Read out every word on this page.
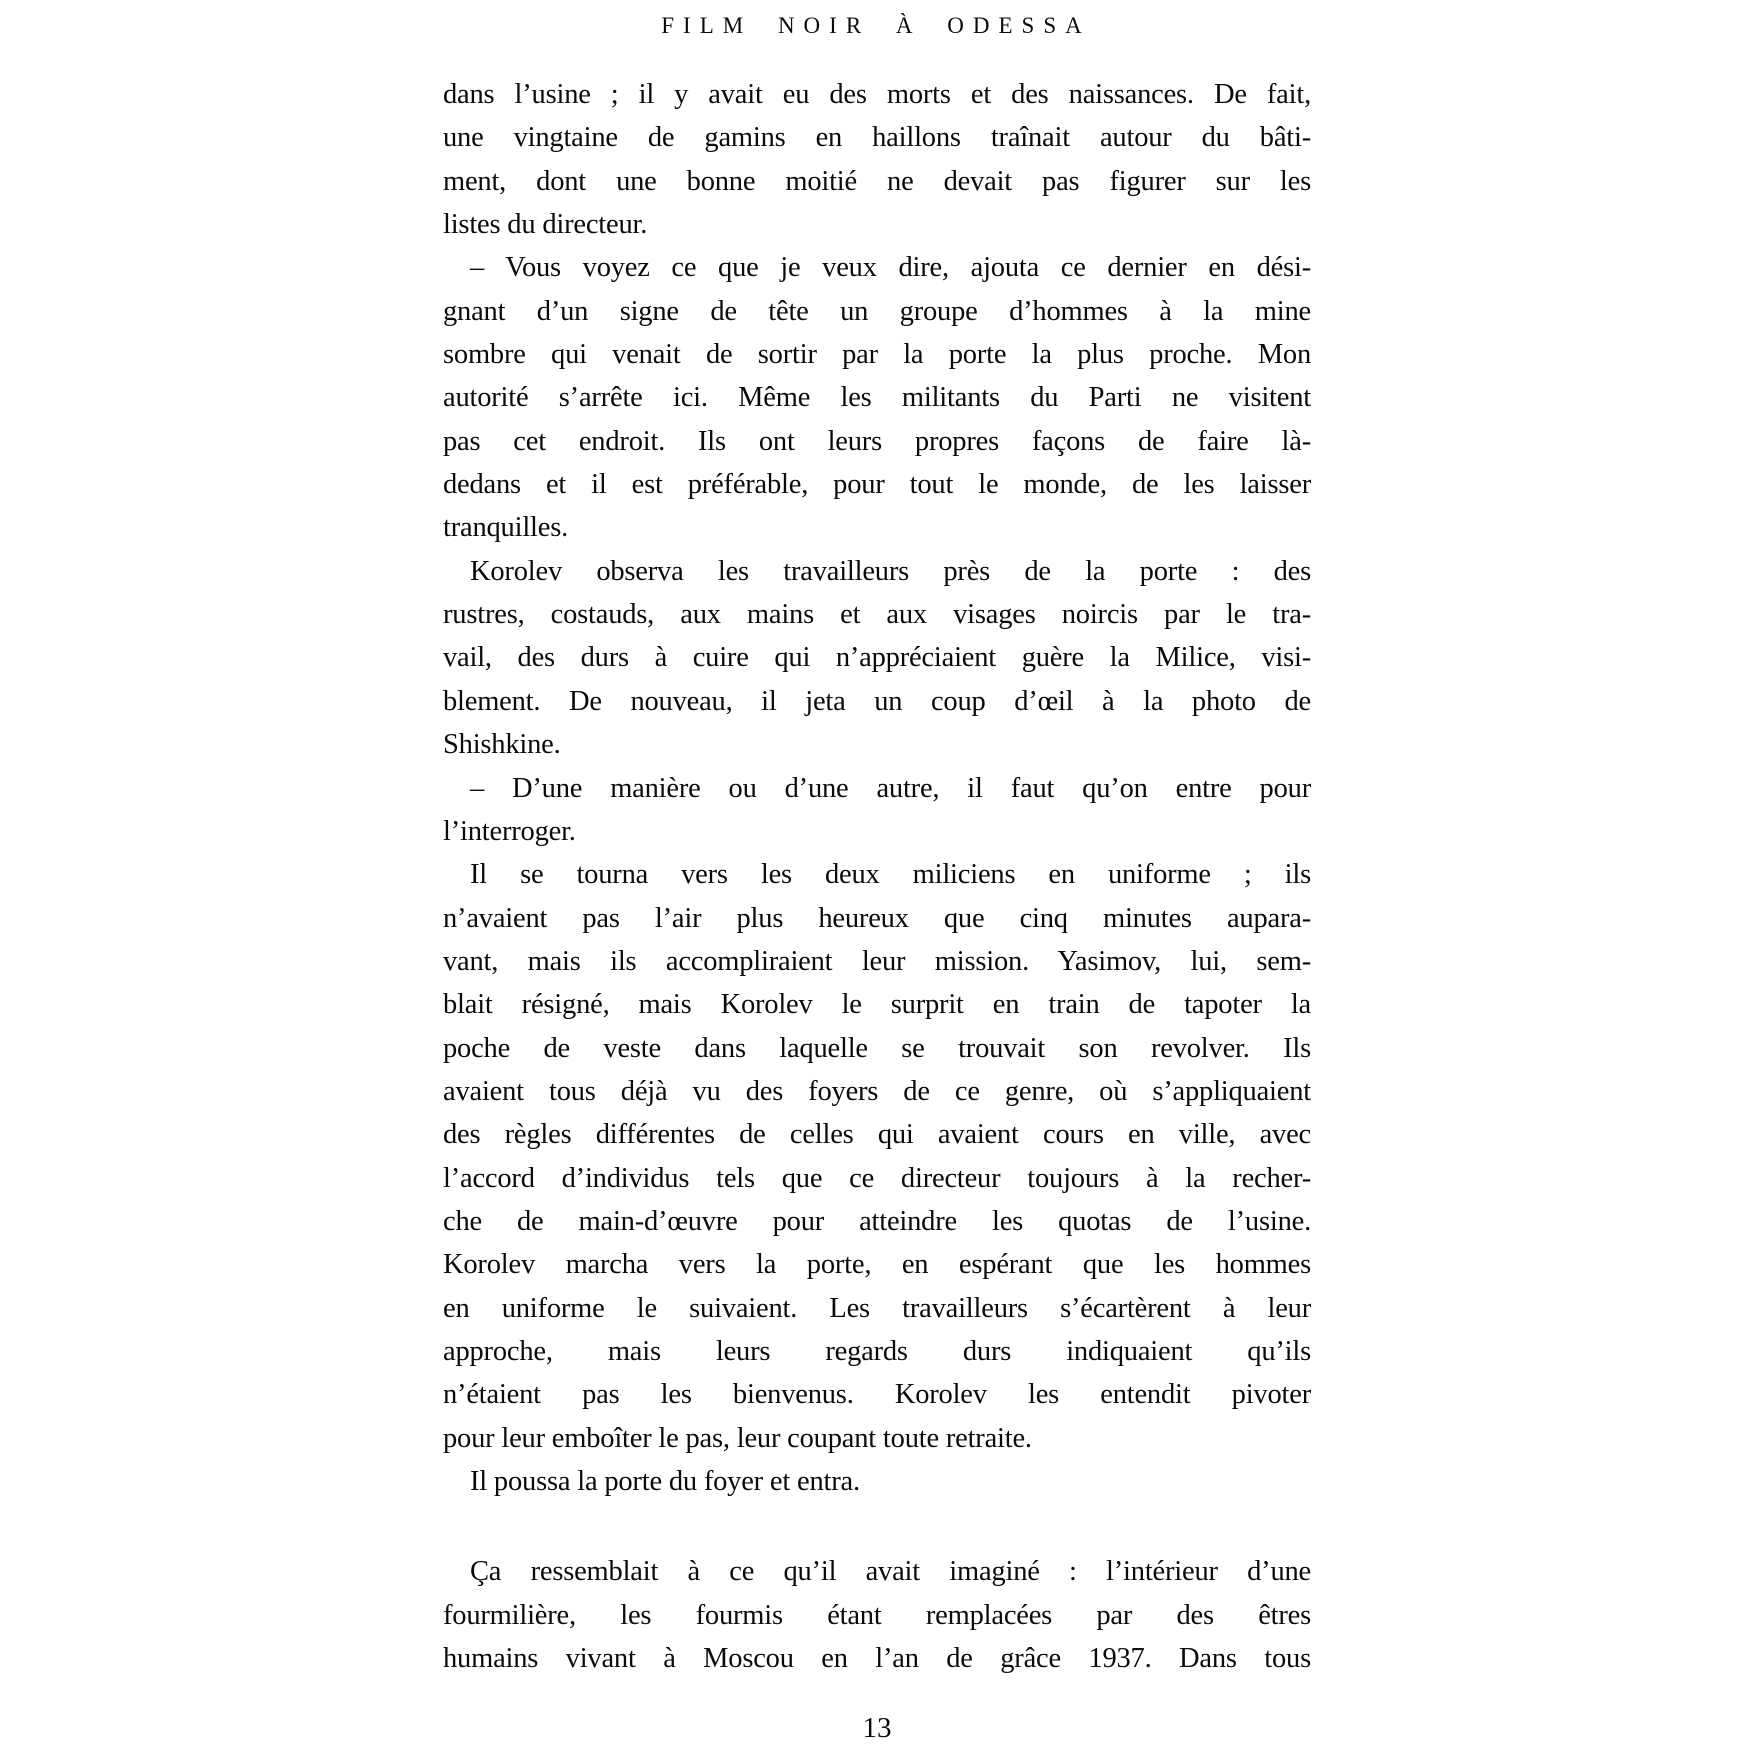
FILM NOIR À ODESSA
dans l’usine ; il y avait eu des morts et des naissances. De fait,
une vingtaine de gamins en haillons traînait autour du bâti-
ment, dont une bonne moitié ne devait pas figurer sur les
listes du directeur.
– Vous voyez ce que je veux dire, ajouta ce dernier en dési-
gnant d’un signe de tête un groupe d’hommes à la mine
sombre qui venait de sortir par la porte la plus proche. Mon
autorité s’arrête ici. Même les militants du Parti ne visitent
pas cet endroit. Ils ont leurs propres façons de faire là-
dedans et il est préférable, pour tout le monde, de les laisser
tranquilles.
Korolev observa les travailleurs près de la porte : des
rustres, costauds, aux mains et aux visages noircis par le tra-
vail, des durs à cuire qui n’appréciaient guère la Milice, visi-
blement. De nouveau, il jeta un coup d’œil à la photo de
Shishkine.
– D’une manière ou d’une autre, il faut qu’on entre pour
l’interroger.
Il se tourna vers les deux miliciens en uniforme ; ils
n’avaient pas l’air plus heureux que cinq minutes aupara-
vant, mais ils accompliraient leur mission. Yasimov, lui, sem-
blait résigné, mais Korolev le surprit en train de tapoter la
poche de veste dans laquelle se trouvait son revolver. Ils
avaient tous déjà vu des foyers de ce genre, où s’appliquaient
des règles différentes de celles qui avaient cours en ville, avec
l’accord d’individus tels que ce directeur toujours à la recher-
che de main-d’œuvre pour atteindre les quotas de l’usine.
Korolev marcha vers la porte, en espérant que les hommes
en uniforme le suivaient. Les travailleurs s’écartèrent à leur
approche, mais leurs regards durs indiquaient qu’ils
n’étaient pas les bienvenus. Korolev les entendit pivoter
pour leur emboîter le pas, leur coupant toute retraite.
Il poussa la porte du foyer et entra.
Ça ressemblait à ce qu’il avait imaginé : l’intérieur d’une
fourmilière, les fourmis étant remplacées par des êtres
humains vivant à Moscou en l’an de grâce 1937. Dans tous
13
